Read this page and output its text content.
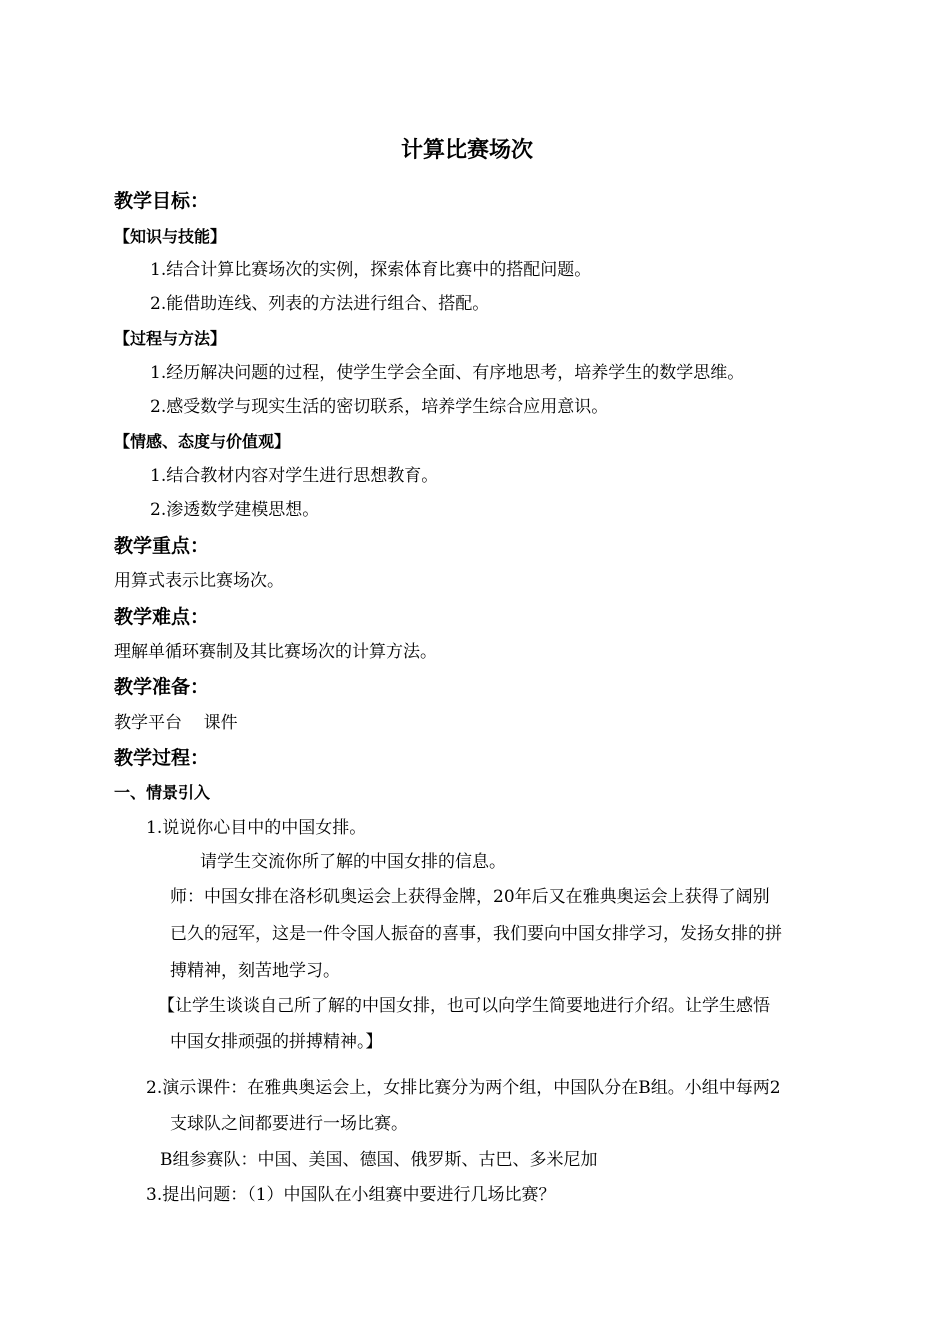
计算比赛场次
教学目标：
【知识与技能】
1.结合计算比赛场次的实例，探索体育比赛中的搭配问题。
2.能借助连线、列表的方法进行组合、搭配。
【过程与方法】
1.经历解决问题的过程，使学生学会全面、有序地思考，培养学生的数学思维。
2.感受数学与现实生活的密切联系，培养学生综合应用意识。
【情感、态度与价值观】
1.结合教材内容对学生进行思想教育。
2.渗透数学建模思想。
教学重点：
用算式表示比赛场次。
教学难点：
理解单循环赛制及其比赛场次的计算方法。
教学准备：
教学平台    课件
教学过程：
一、情景引入
1.说说你心目中的中国女排。
请学生交流你所了解的中国女排的信息。
师：中国女排在洛杉矶奥运会上获得金牌，20年后又在雅典奥运会上获得了阔别
已久的冠军，这是一件令国人振奋的喜事，我们要向中国女排学习，发扬女排的拼
搏精神，刻苦地学习。
【让学生谈谈自己所了解的中国女排，也可以向学生简要地进行介绍。让学生感悟
中国女排顽强的拼搏精神。】
2.演示课件：在雅典奥运会上，女排比赛分为两个组，中国队分在B组。小组中每两2
支球队之间都要进行一场比赛。
B组参赛队：中国、美国、德国、俄罗斯、古巴、多米尼加
3.提出问题：（1）中国队在小组赛中要进行几场比赛？
